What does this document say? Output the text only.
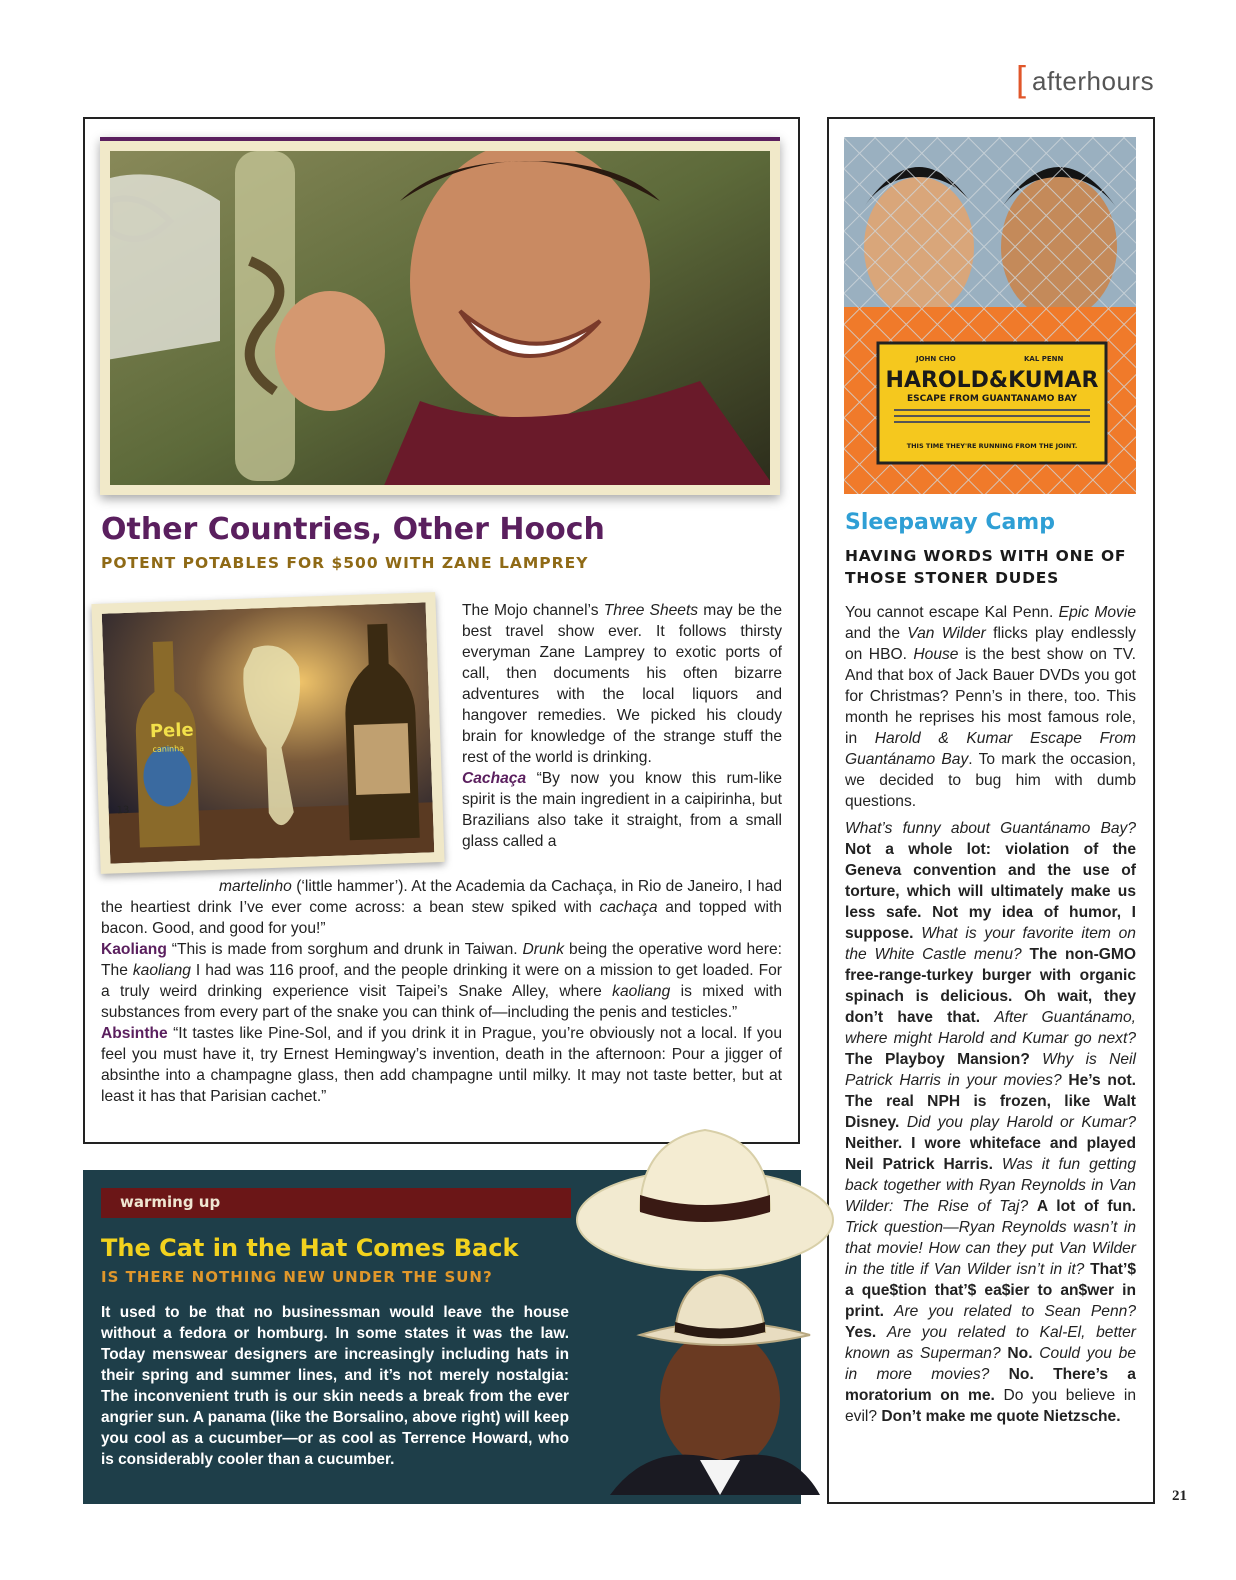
[ afterhours
Other Countries, Other Hooch
POTENT POTABLES FOR $500 WITH ZANE LAMPREY
Pele
caninha
13
The Mojo channel’s Three Sheets may be the best travel show ever. It follows thirsty everyman Zane Lamprey to exotic ports of call, then documents his often bizarre adventures with the local liquors and hangover remedies. We picked his cloudy brain for knowledge of the strange stuff the rest of the world is drinking.
Cachaça “By now you know this rum-like spirit is the main ingredient in a caipirinha, but Brazilians also take it straight, from a small glass called a

martelinho (‘little hammer’). At the Academia da Cachaça, in Rio de Janeiro, I had the heartiest drink I’ve ever come across: a bean stew spiked with cachaça and topped with bacon. Good, and good for you!”

Kaoliang “This is made from sorghum and drunk in Taiwan. Drunk being the operative word here: The kaoliang I had was 116 proof, and the people drinking it were on a mission to get loaded. For a truly weird drinking experience visit Taipei’s Snake Alley, where kaoliang is mixed with substances from every part of the snake you can think of—including the penis and testicles.”

Absinthe “It tastes like Pine-Sol, and if you drink it in Prague, you’re obviously not a local. If you feel you must have it, try Ernest Hemingway’s invention, death in the afternoon: Pour a jigger of absinthe into a champagne glass, then add champagne until milky. It may not taste better, but at least it has that Parisian cachet.”

JOHN CHO	KAL PENN
HAROLD&KUMAR
ESCAPE FROM GUANTANAMO BAY
THIS TIME THEY'RE RUNNING FROM THE JOINT.
Sleepaway Camp
HAVING WORDS WITH ONE OF THOSE STONER DUDES

You cannot escape Kal Penn. Epic Movie and the Van Wilder flicks play endlessly on HBO. House is the best show on TV. And that box of Jack Bauer DVDs you got for Christmas? Penn’s in there, too. This month he reprises his most famous role, in Harold & Kumar Escape From Guantánamo Bay. To mark the occasion, we decided to bug him with dumb questions.

What’s funny about Guantánamo Bay? Not a whole lot: violation of the Geneva convention and the use of torture, which will ultimately make us less safe. Not my idea of humor, I suppose. What is your favorite item on the White Castle menu? The non-GMO free-range-turkey burger with organic spinach is delicious. Oh wait, they don’t have that. After Guantánamo, where might Harold and Kumar go next? The Playboy Mansion? Why is Neil Patrick Harris in your movies? He’s not. The real NPH is frozen, like Walt Disney. Did you play Harold or Kumar? Neither. I wore whiteface and played Neil Patrick Harris. Was it fun getting back together with Ryan Reynolds in Van Wilder: The Rise of Taj? A lot of fun. Trick question—Ryan Reynolds wasn’t in that movie! How can they put Van Wilder in the title if Van Wilder isn’t in it? That’$ a que$tion that’$ ea$ier to an$wer in print. Are you related to Sean Penn? Yes. Are you related to Kal-El, better known as Superman? No. Could you be in more movies? No. There’s a moratorium on me. Do you believe in evil? Don’t make me quote Nietzsche.

warming up
The Cat in the Hat Comes Back
IS THERE NOTHING NEW UNDER THE SUN?
It used to be that no businessman would leave the house without a fedora or homburg. In some states it was the law. Today menswear designers are increasingly including hats in their spring and summer lines, and it’s not merely nostalgia: The inconvenient truth is our skin needs a break from the ever angrier sun. A panama (like the Borsalino, above right) will keep you cool as a cucumber—or as cool as Terrence Howard, who is considerably cooler than a cucumber.
21
